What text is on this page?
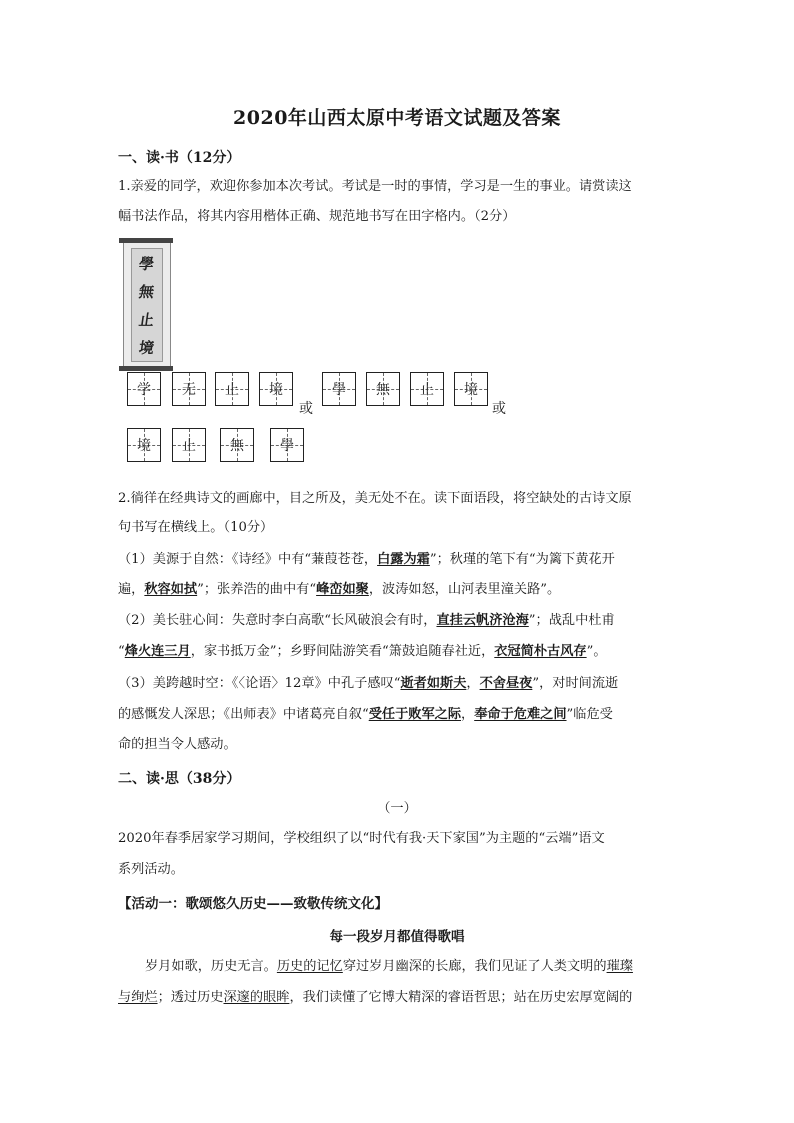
2020年山西太原中考语文试题及答案
一、读·书（12分）
1.亲爱的同学，欢迎你参加本次考试。考试是一时的事情，学习是一生的事业。请赏读这
幅书法作品，将其内容用楷体正确、规范地书写在田字格内。（2分）
學
無
止
境
学 无 止 境
或
學 無 止 境
或
境 止 無	學
2.徜徉在经典诗文的画廊中，目之所及，美无处不在。读下面语段，将空缺处的古诗文原
句书写在横线上。（10分）
（1）美源于自然：《诗经》中有“蒹葭苍苍，白露为霜”；秋瑾的笔下有“为篱下黄花开
遍，秋容如拭”；张养浩的曲中有“峰峦如聚，波涛如怒，山河表里潼关路”。
（2）美长驻心间：失意时李白高歌“长风破浪会有时，直挂云帆济沧海”；战乱中杜甫
“烽火连三月，家书抵万金”；乡野间陆游笑看“箫鼓追随春社近，衣冠简朴古风存”。
（3）美跨越时空：《〈论语〉12章》中孔子感叹“逝者如斯夫，不舍昼夜”，对时间流逝
的感慨发人深思；《出师表》中诸葛亮自叙“受任于败军之际，奉命于危难之间”临危受
命的担当令人感动。
二、读·思（38分）
（一）
2020年春季居家学习期间，学校组织了以“时代有我·天下家国”为主题的“云端”语文
系列活动。
【活动一：歌颂悠久历史——致敬传统文化】
每一段岁月都值得歌唱
岁月如歌，历史无言。历史的记忆穿过岁月幽深的长廊，我们见证了人类文明的璀璨
与绚烂；透过历史深邃的眼眸，我们读懂了它博大精深的睿语哲思；站在历史宏厚宽阔的
